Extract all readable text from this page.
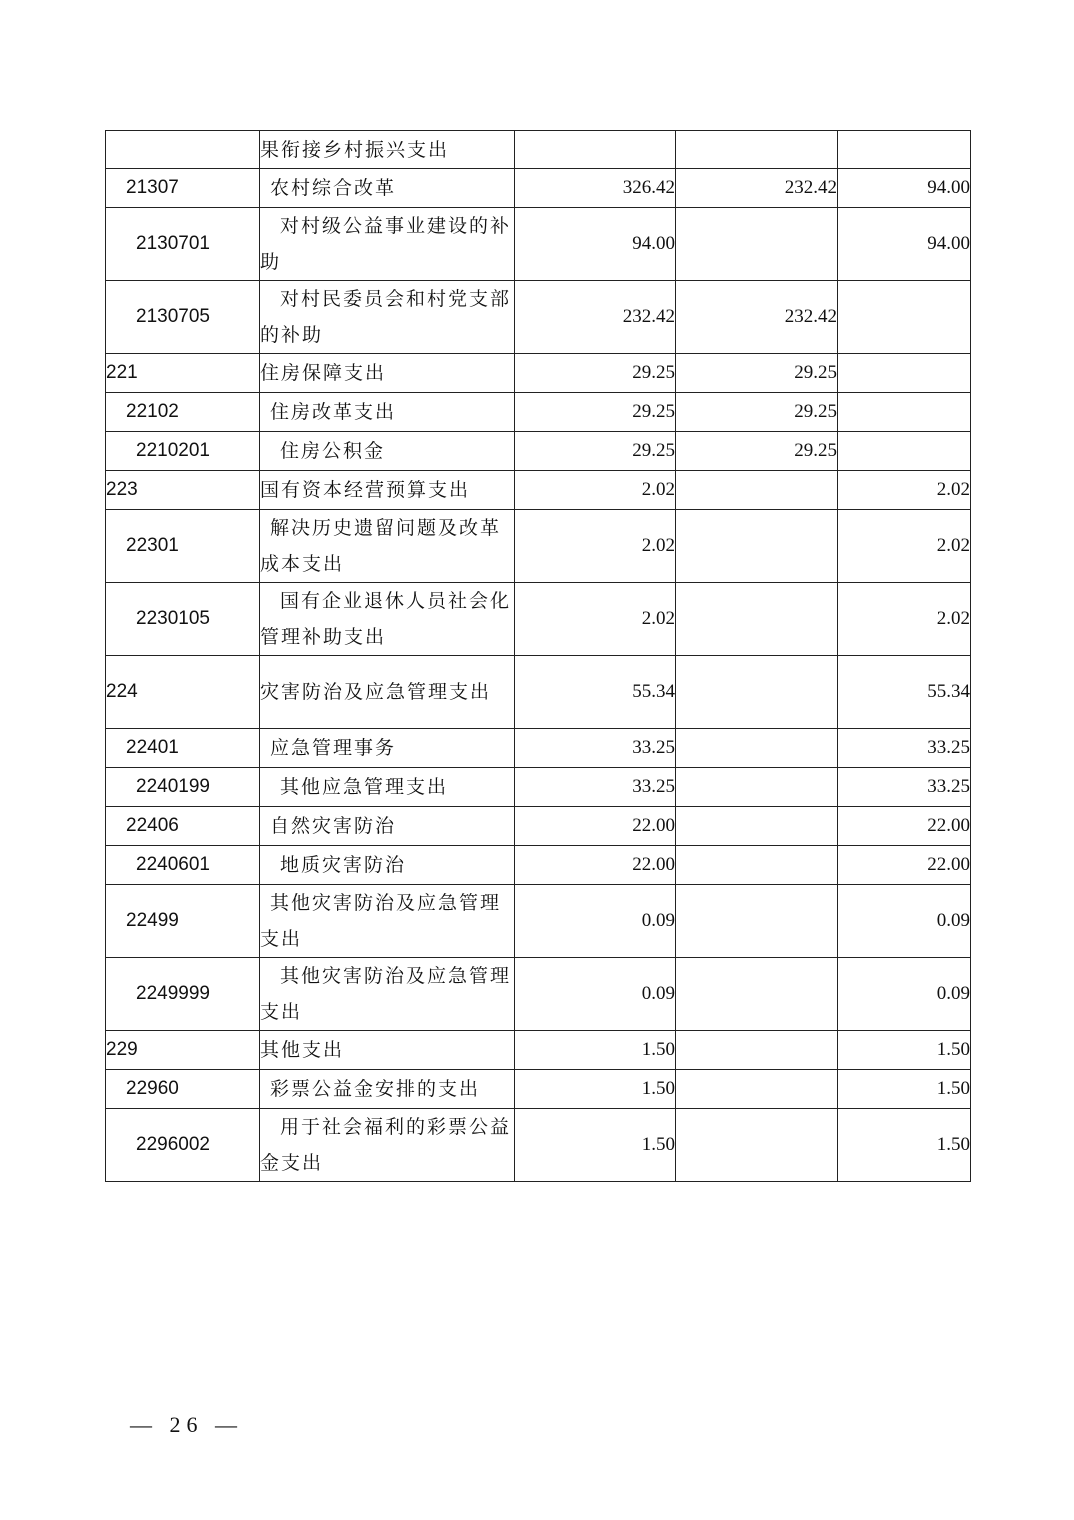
	果衔接乡村振兴支出			
21307	农村综合改革	326.42	232.42	94.00
2130701	对村级公益事业建设的补助	94.00		94.00
2130705	对村民委员会和村党支部的补助	232.42	232.42	
221	住房保障支出	29.25	29.25	
22102	住房改革支出	29.25	29.25	
2210201	住房公积金	29.25	29.25	
223	国有资本经营预算支出	2.02		2.02
22301	解决历史遗留问题及改革成本支出	2.02		2.02
2230105	国有企业退休人员社会化管理补助支出	2.02		2.02
224	灾害防治及应急管理支出	55.34		55.34
22401	应急管理事务	33.25		33.25
2240199	其他应急管理支出	33.25		33.25
22406	自然灾害防治	22.00		22.00
2240601	地质灾害防治	22.00		22.00
22499	其他灾害防治及应急管理支出	0.09		0.09
2249999	其他灾害防治及应急管理支出	0.09		0.09
229	其他支出	1.50		1.50
22960	彩票公益金安排的支出	1.50		1.50
2296002	用于社会福利的彩票公益金支出	1.50		1.50
— 26 —
